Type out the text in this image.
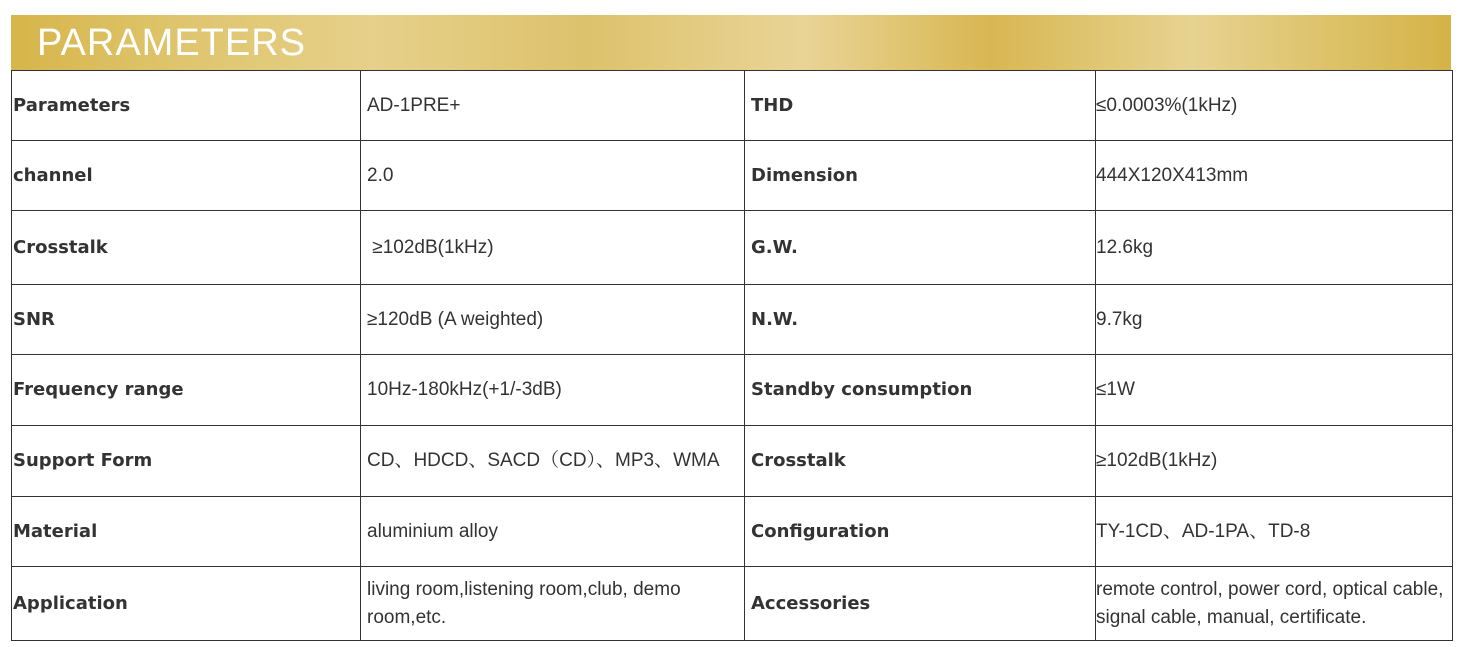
PARAMETERS
Parameters	AD-1PRE+	THD	≤0.0003%(1kHz)
channel	2.0	Dimension	444X120X413mm
Crosstalk	≥102dB(1kHz)	G.W.	12.6kg
SNR	≥120dB (A weighted)	N.W.	9.7kg
Frequency range	10Hz-180kHz(+1/-3dB)	Standby consumption	≤1W
Support Form	CD、HDCD、SACD（CD）、MP3、WMA	Crosstalk	≥102dB(1kHz)
Material	aluminium alloy	Configuration	TY-1CD、AD-1PA、TD-8
Application	living room,listening room,club, demo room,etc.	Accessories	remote control, power cord, optical cable, signal cable, manual, certificate.
